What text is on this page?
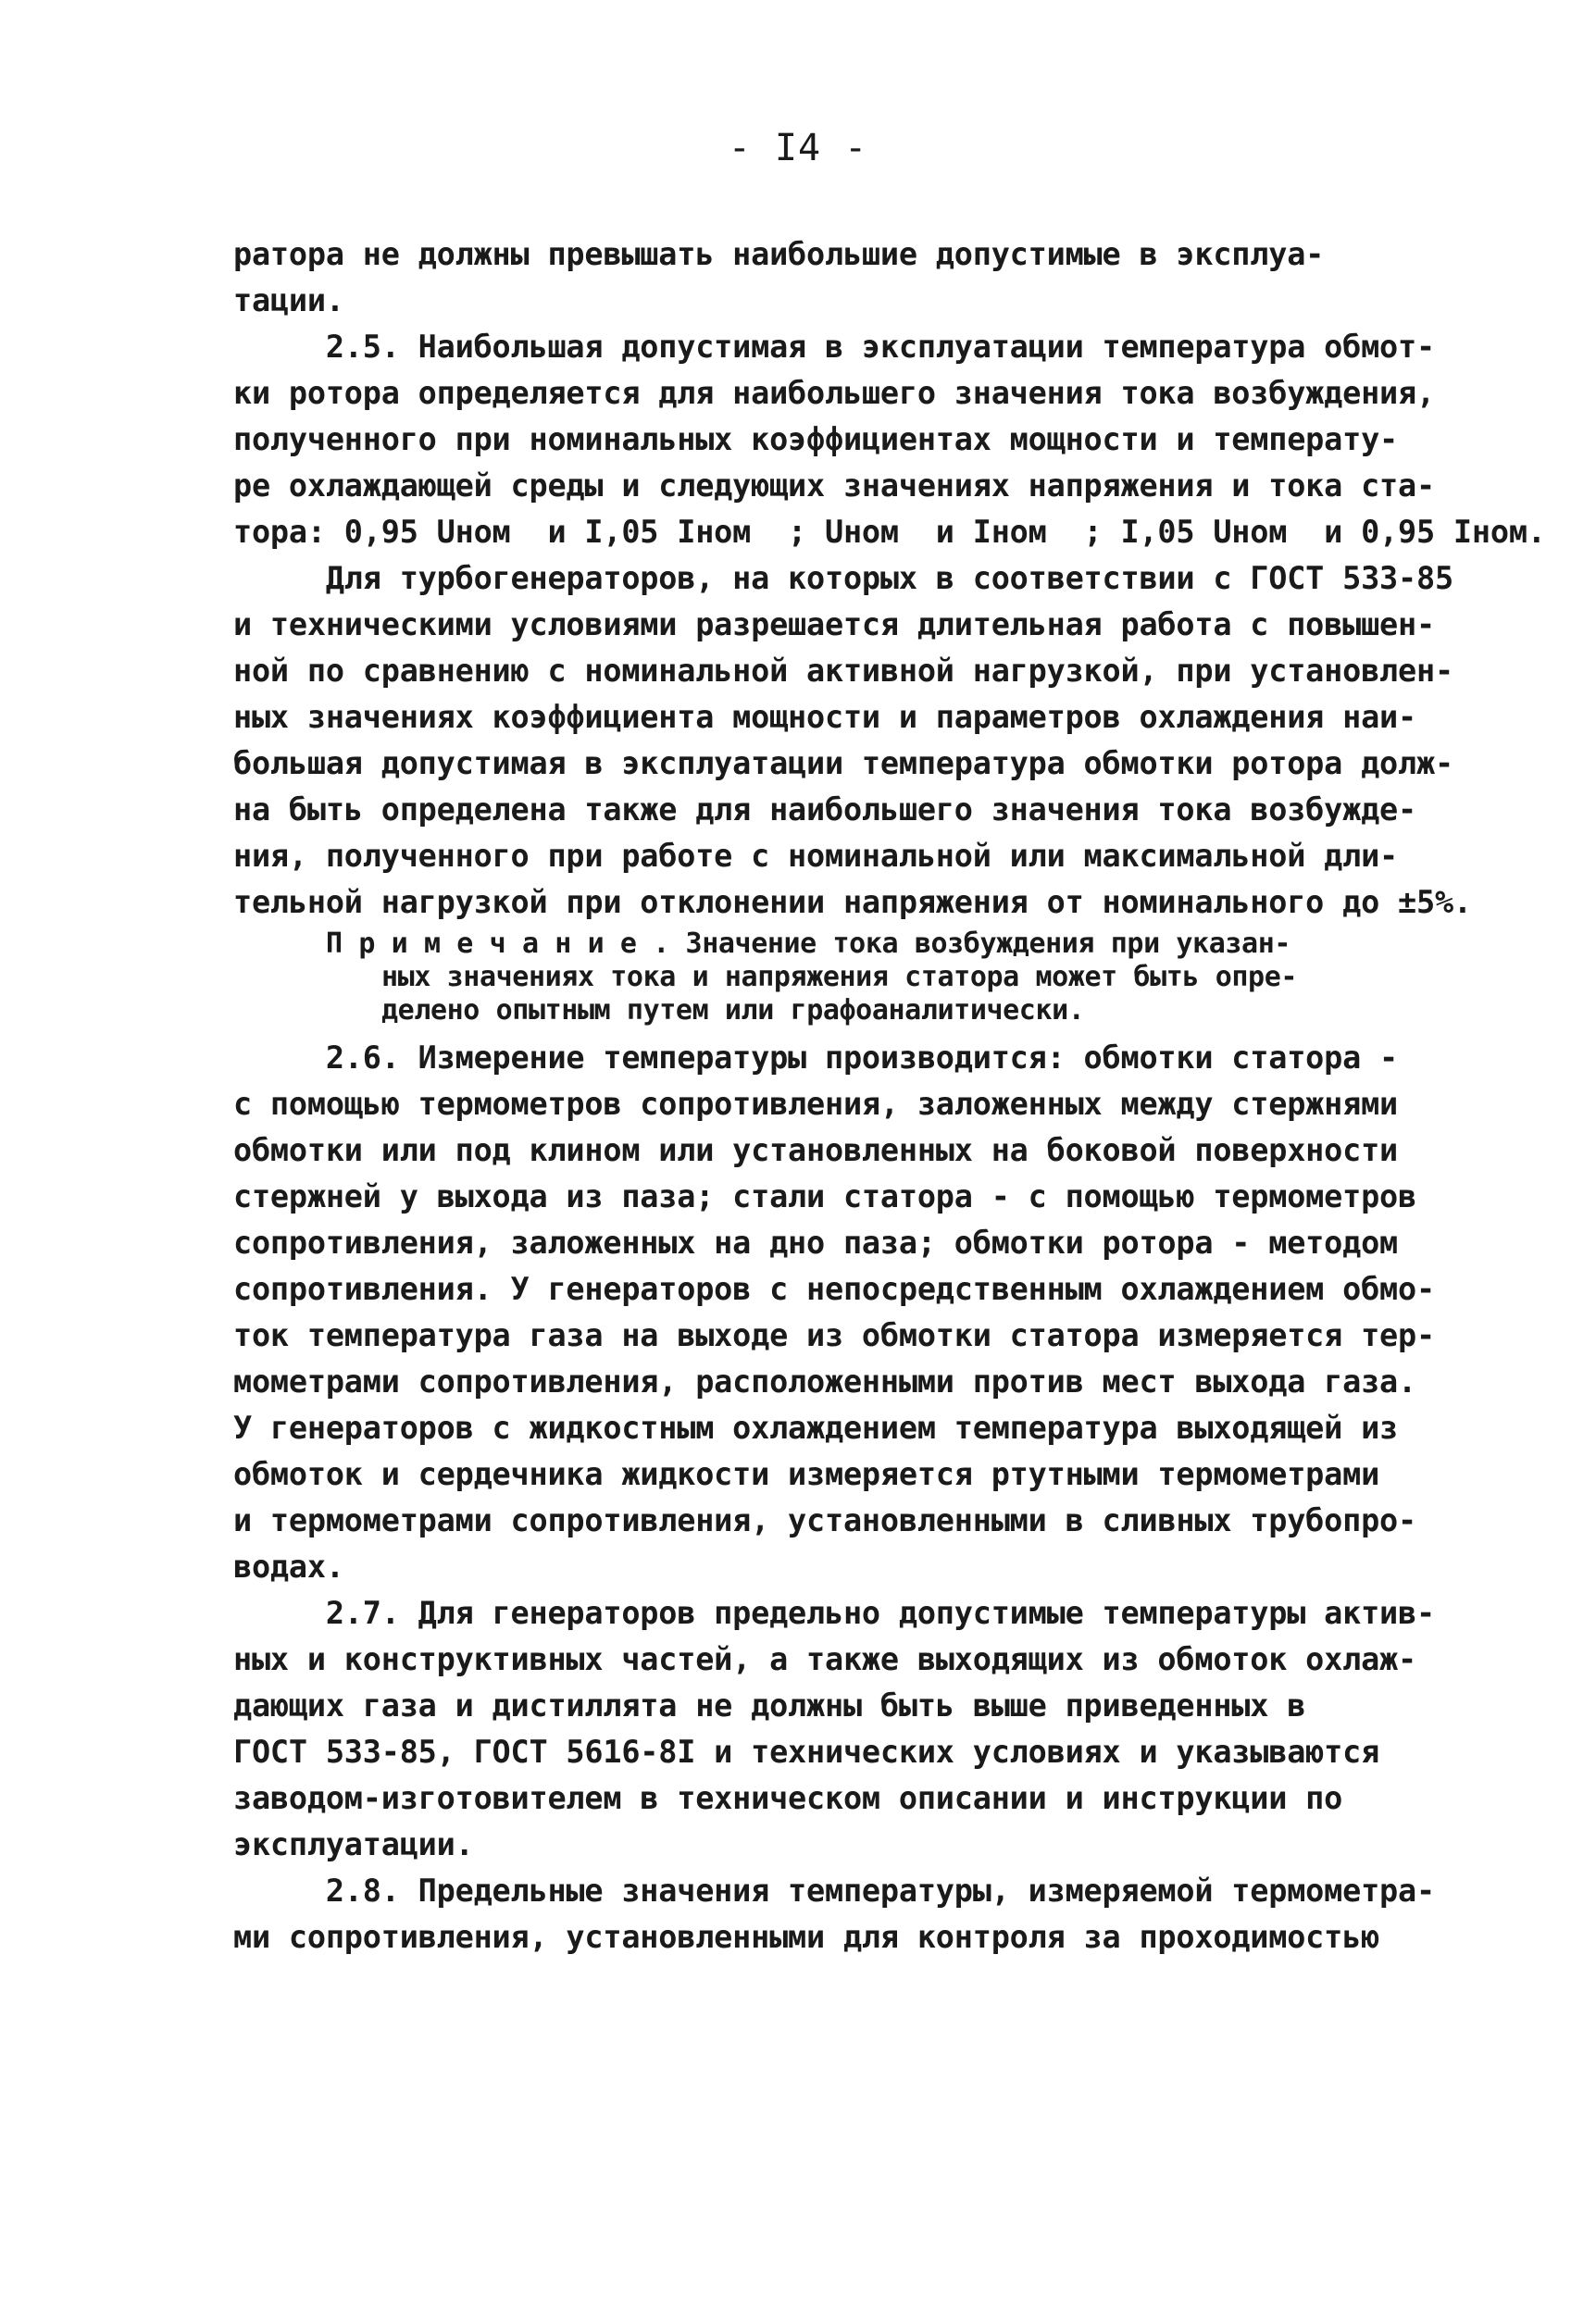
- I4 -
ратора не должны превышать наибольшие допустимые в эксплуа-
тации.
2.5. Наибольшая допустимая в эксплуатации температура обмот-
ки ротора определяется для наибольшего значения тока возбуждения,
полученного при номинальных коэффициентах мощности и температу-
ре охлаждающей среды и следующих значениях напряжения и тока ста-
тора: 0,95 Uном  и I,05 Iном  ; Uном  и Iном  ; I,05 Uном  и 0,95 Iном.
Для турбогенераторов, на которых в соответствии с ГОСТ 533-85
и техническими условиями разрешается длительная работа с повышен-
ной по сравнению с номинальной активной нагрузкой, при установлен-
ных значениях коэффициента мощности и параметров охлаждения наи-
большая допустимая в эксплуатации температура обмотки ротора долж-
на быть определена также для наибольшего значения тока возбужде-
ния, полученного при работе с номинальной или максимальной дли-
тельной нагрузкой при отклонении напряжения от номинального до ±5%.
П р и м е ч а н и е . Значение тока возбуждения при указан-
ных значениях тока и напряжения статора может быть опре-
делено опытным путем или графоаналитически.
2.6. Измерение температуры производится: обмотки статора -
с помощью термометров сопротивления, заложенных между стержнями
обмотки или под клином или установленных на боковой поверхности
стержней у выхода из паза; стали статора - с помощью термометров
сопротивления, заложенных на дно паза; обмотки ротора - методом
сопротивления. У генераторов с непосредственным охлаждением обмо-
ток температура газа на выходе из обмотки статора измеряется тер-
мометрами сопротивления, расположенными против мест выхода газа.
У генераторов с жидкостным охлаждением температура выходящей из
обмоток и сердечника жидкости измеряется ртутными термометрами
и термометрами сопротивления, установленными в сливных трубопро-
водах.
2.7. Для генераторов предельно допустимые температуры актив-
ных и конструктивных частей, а также выходящих из обмоток охлаж-
дающих газа и дистиллята не должны быть выше приведенных в
ГОСТ 533-85, ГОСТ 5616-8I и технических условиях и указываются
заводом-изготовителем в техническом описании и инструкции по
эксплуатации.
2.8. Предельные значения температуры, измеряемой термометра-
ми сопротивления, установленными для контроля за проходимостью
